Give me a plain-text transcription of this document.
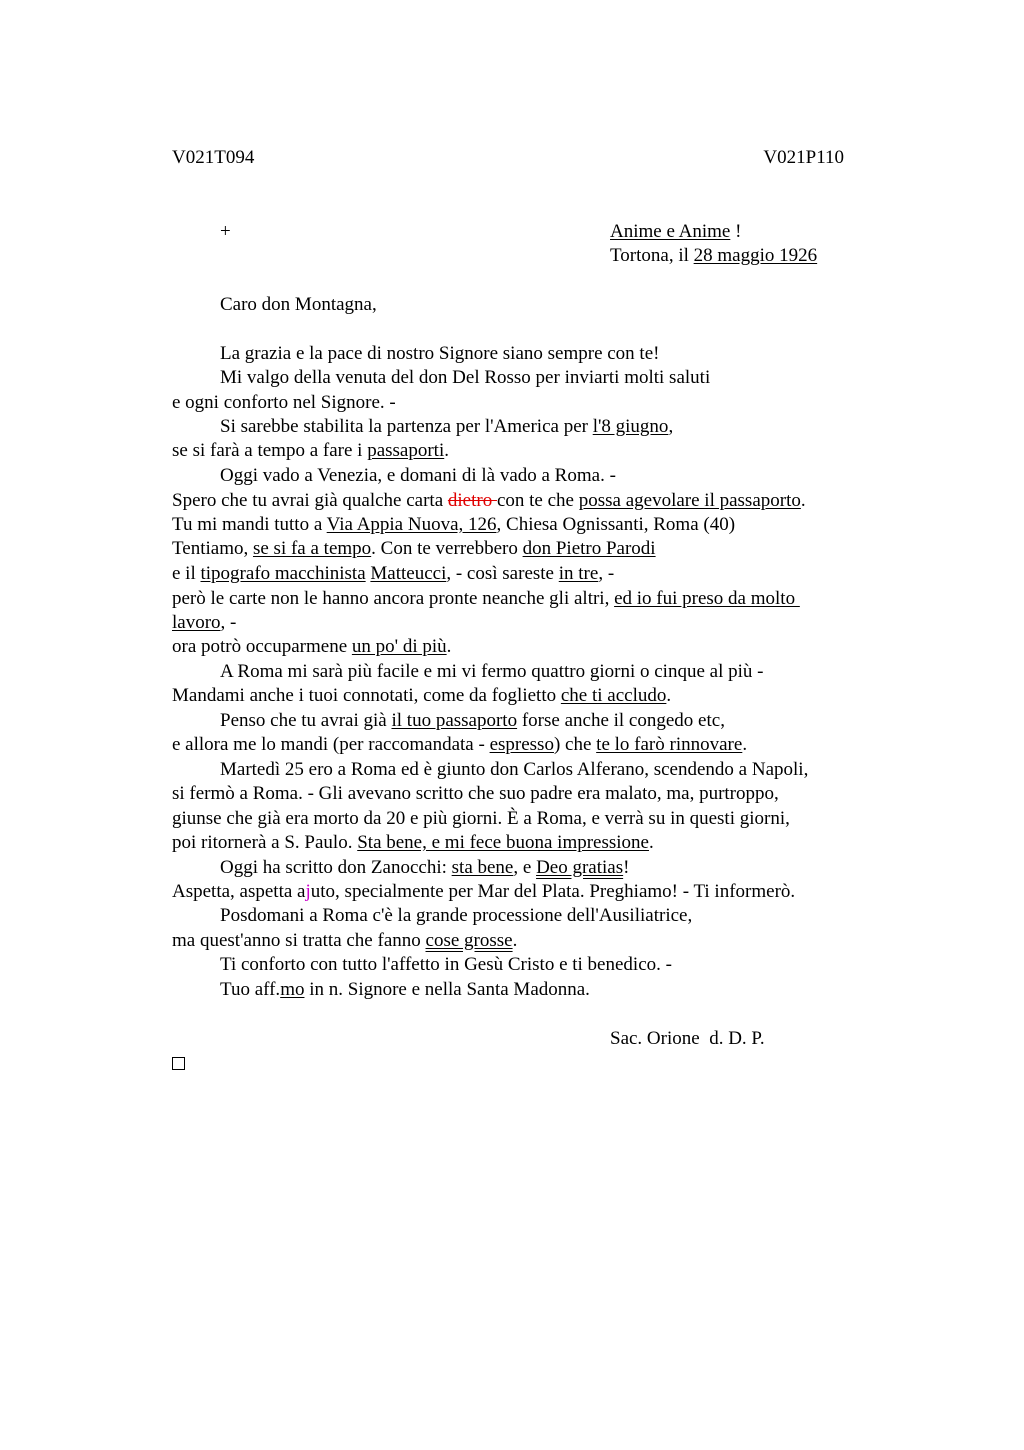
V021T094	V021P110
+	Anime e Anime !
Tortona, il 28 maggio 1926
Caro don Montagna,
La grazia e la pace di nostro Signore siano sempre con te!
Mi valgo della venuta del don Del Rosso per inviarti molti saluti
e ogni conforto nel Signore. -
Si sarebbe stabilita la partenza per l'America per l'8 giugno,
se si farà a tempo a fare i passaporti.
Oggi vado a Venezia, e domani di là vado a Roma. -
Spero che tu avrai già qualche carta dietro con te che possa agevolare il passaporto.
Tu mi mandi tutto a Via Appia Nuova, 126, Chiesa Ognissanti, Roma (40)
Tentiamo, se si fa a tempo. Con te verrebbero don Pietro Parodi
e il tipografo macchinista Matteucci, - così sareste in tre, -
però le carte non le hanno ancora pronte neanche gli altri, ed io fui preso da molto
lavoro, -
ora potrò occuparmene un po' di più.
A Roma mi sarà più facile e mi vi fermo quattro giorni o cinque al più -
Mandami anche i tuoi connotati, come da foglietto che ti accludo.
Penso che tu avrai già il tuo passaporto forse anche il congedo etc,
e allora me lo mandi (per raccomandata - espresso) che te lo farò rinnovare.
Martedì 25 ero a Roma ed è giunto don Carlos Alferano, scendendo a Napoli,
si fermò a Roma. - Gli avevano scritto che suo padre era malato, ma, purtroppo,
giunse che già era morto da 20 e più giorni. È a Roma, e verrà su in questi giorni,
poi ritornerà a S. Paulo. Sta bene, e mi fece buona impressione.
Oggi ha scritto don Zanocchi: sta bene, e Deo gratias!
Aspetta, aspetta ajuto, specialmente per Mar del Plata. Preghiamo! - Ti informerò.
Posdomani a Roma c'è la grande processione dell'Ausiliatrice,
ma quest'anno si tratta che fanno cose grosse.
Ti conforto con tutto l'affetto in Gesù Cristo e ti benedico. -
Tuo aff.mo in n. Signore e nella Santa Madonna.
Sac. Orione  d. D. P.
